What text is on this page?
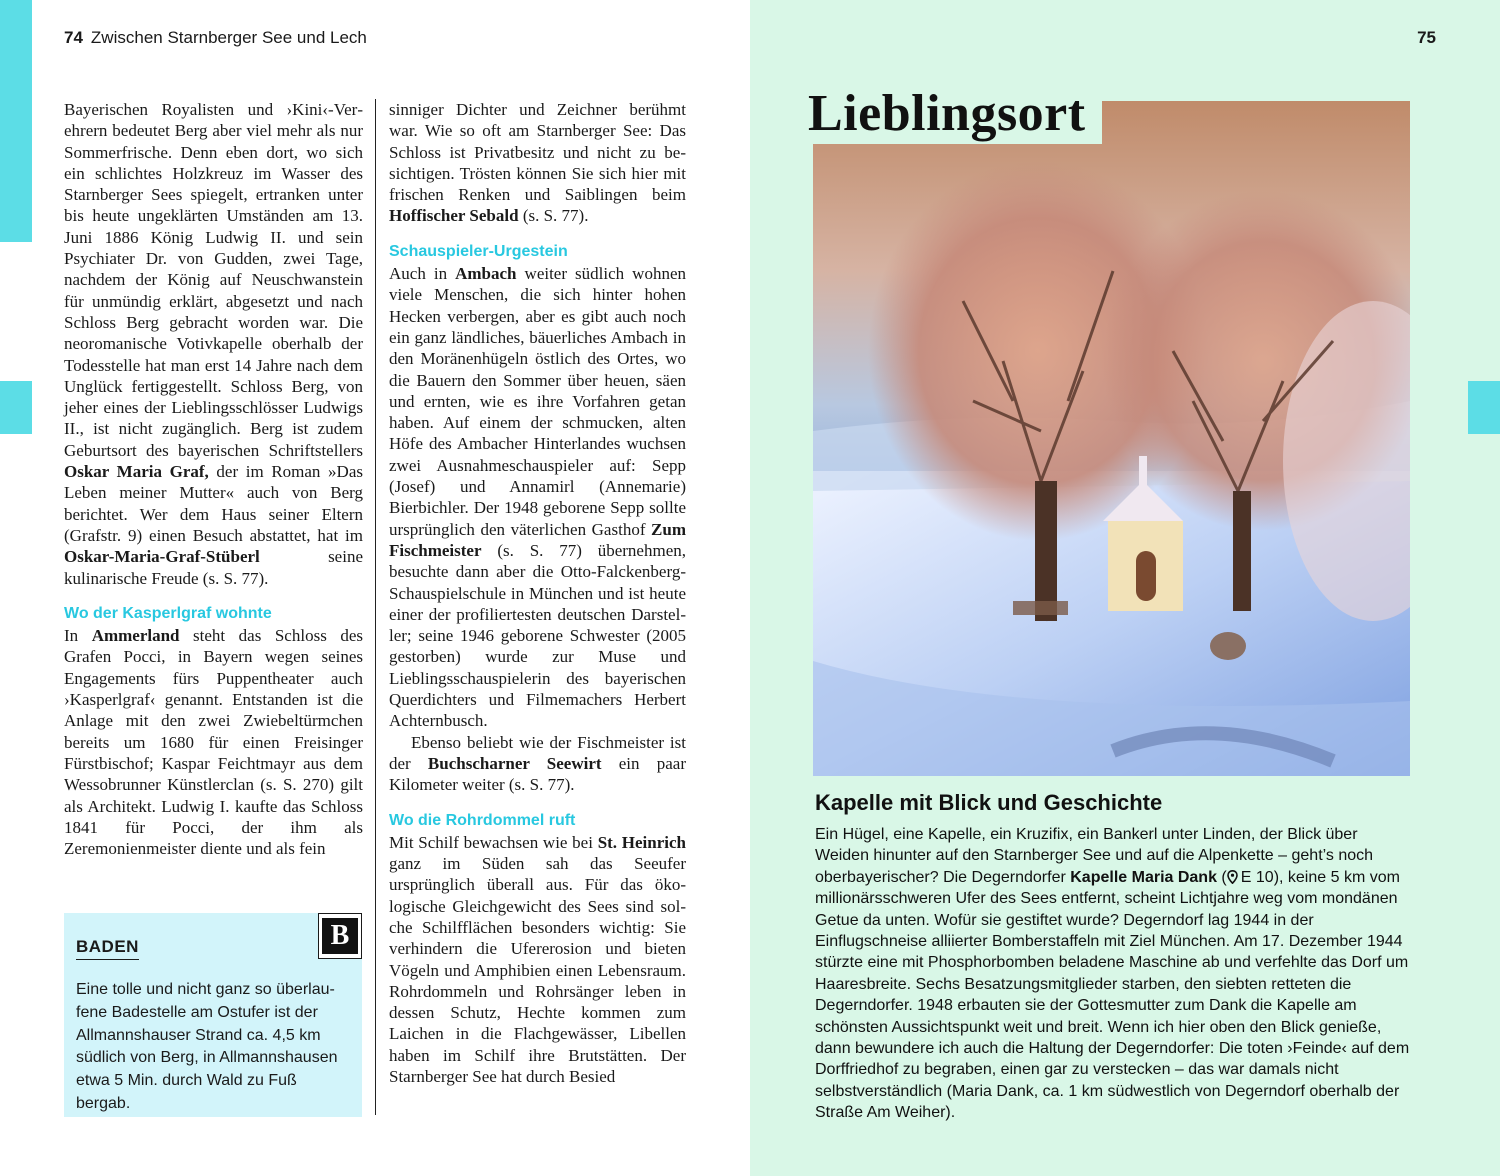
74 Zwischen Starnberger See und Lech

Bayerischen Royalisten und ›Kini‹-Verehrern bedeutet Berg aber viel mehr als nur Sommerfrische. Denn eben dort, wo sich ein schlichtes Holzkreuz im Wasser des Starnberger Sees spiegelt, ertranken unter bis heute ungeklärten Umständen am 13. Juni 1886 König Ludwig II. und sein Psychiater Dr. von Gudden, zwei Tage, nachdem der König auf Neuschwanstein für unmündig erklärt, abgesetzt und nach Schloss Berg gebracht worden war. Die neoromanische Votivkapelle oberhalb der Todesstelle hat man erst 14 Jahre nach dem Unglück fertiggestellt. Schloss Berg, von jeher eines der Lieblingsschlösser Ludwigs II., ist nicht zugänglich. Berg ist zudem Geburtsort des bayerischen Schriftstellers Oskar Maria Graf, der im Roman »Das Leben meiner Mutter« auch von Berg berichtet. Wer dem Haus seiner Eltern (Grafstr. 9) einen Besuch abstattet, hat im Oskar-Maria-Graf-Stüberl seine kulinarische Freude (s. S. 77).

Wo der Kasperlgraf wohnte

In Ammerland steht das Schloss des Grafen Pocci, in Bayern wegen seines Engagements fürs Puppentheater auch ›Kasperlgraf‹ genannt. Entstanden ist die Anlage mit den zwei Zwiebeltürmchen bereits um 1680 für einen Freisinger Fürstbischof; Kaspar Feichtmayr aus dem Wessobrunner Künstlerclan (s. S. 270) gilt als Architekt. Ludwig I. kaufte das Schloss 1841 für Pocci, der ihm als Zeremonienmeister diente und als fein

sinniger Dichter und Zeichner berühmt war. Wie so oft am Starnberger See: Das Schloss ist Privatbesitz und nicht zu besichtigen. Trösten können Sie sich hier mit frischen Renken und Saiblingen beim Hoffischer Sebald (s. S. 77).

Schauspieler-Urgestein

Auch in Ambach weiter südlich wohnen viele Menschen, die sich hinter hohen Hecken verbergen, aber es gibt auch noch ein ganz ländliches, bäuerliches Ambach in den Moränenhügeln östlich des Ortes, wo die Bauern den Sommer über heuen, säen und ernten, wie es ihre Vorfahren getan haben. Auf einem der schmucken, alten Höfe des Ambacher Hinterlandes wuchsen zwei Ausnahmeschauspieler auf: Sepp (Josef) und Annamirl (Annemarie) Bierbichler. Der 1948 geborene Sepp sollte ursprünglich den väterlichen Gasthof Zum Fischmeister (s. S. 77) übernehmen, besuchte dann aber die Otto-Falckenberg-Schauspielschule in München und ist heute einer der profiliertesten deutschen Darsteller; seine 1946 geborene Schwester (2005 gestorben) wurde zur Muse und Lieblingsschauspielerin des bayerischen Querdichters und Filmemachers Herbert Achternbusch.

Ebenso beliebt wie der Fischmeister ist der Buchscharner Seewirt ein paar Kilometer weiter (s. S. 77).

Wo die Rohrdommel ruft

Mit Schilf bewachsen wie bei St. Heinrich ganz im Süden sah das Seeufer ursprünglich überall aus. Für das ökologische Gleichgewicht des Sees sind solche Schilfflächen besonders wichtig: Sie verhindern die Ufererosion und bieten Vögeln und Amphibien einen Lebensraum. Rohrdommeln und Rohrsänger leben in dessen Schutz, Hechte kommen zum Laichen in die Flachgewässer, Libellen haben im Schilf ihre Brutstätten. Der Starnberger See hat durch Besied

BADEN	B
Eine tolle und nicht ganz so überlaufene Badestelle am Ostufer ist der Allmannshauser Strand ca. 4,5 km südlich von Berg, in Allmannshausen etwa 5 Min. durch Wald zu Fuß bergab.
75
Lieblingsort
Kapelle mit Blick und Geschichte
Ein Hügel, eine Kapelle, ein Kruzifix, ein Bankerl unter Linden, der Blick über Weiden hinunter auf den Starnberger See und auf die Alpenkette – geht’s noch oberbayerischer? Die Degerndorfer Kapelle Maria Dank ( E 10), keine 5 km vom millionärsschweren Ufer des Sees entfernt, scheint Lichtjahre weg vom mondänen Getue da unten. Wofür sie gestiftet wurde? Degerndorf lag 1944 in der Einflugschneise alliierter Bomberstaffeln mit Ziel München. Am 17. Dezember 1944 stürzte eine mit Phosphorbomben beladene Maschine ab und verfehlte das Dorf um Haaresbreite. Sechs Besatzungsmitglieder starben, den siebten retteten die Degerndorfer. 1948 erbauten sie der Gottesmutter zum Dank die Kapelle am schönsten Aussichtspunkt weit und breit. Wenn ich hier oben den Blick genieße, dann bewundere ich auch die Haltung der Degerndorfer: Die toten ›Feinde‹ auf dem Dorffriedhof zu begraben, einen gar zu verstecken – das war damals nicht selbstverständlich (Maria Dank, ca. 1 km südwestlich von Degerndorf oberhalb der Straße Am Weiher).
